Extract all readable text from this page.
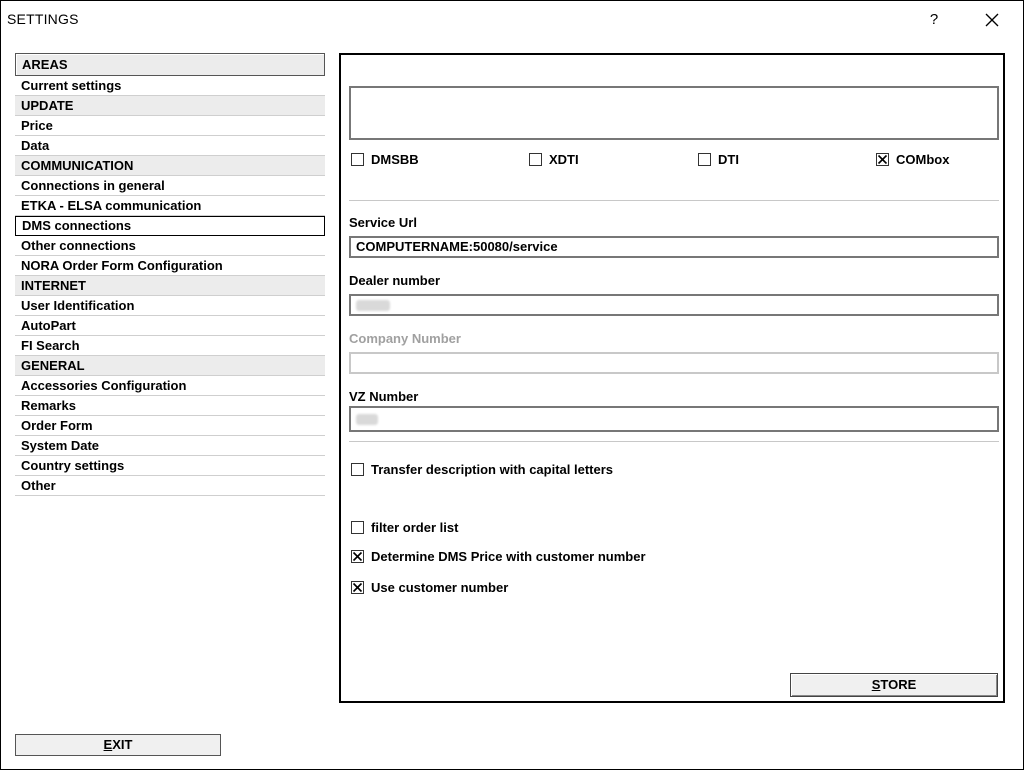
SETTINGS	?
AREAS
Current settings
UPDATE
Price
Data
COMMUNICATION
Connections in general
ETKA - ELSA communication
DMS connections
Other connections
NORA Order Form Configuration
INTERNET
User Identification
AutoPart
FI Search
GENERAL
Accessories Configuration
Remarks
Order Form
System Date
Country settings
Other
DMSBB	XDTI	DTI	COMbox
Service Url
COMPUTERNAME:50080/service
Dealer number
Company Number
VZ Number
Transfer description with capital letters
filter order list
Determine DMS Price with customer number
Use customer number
STORE
EXIT
